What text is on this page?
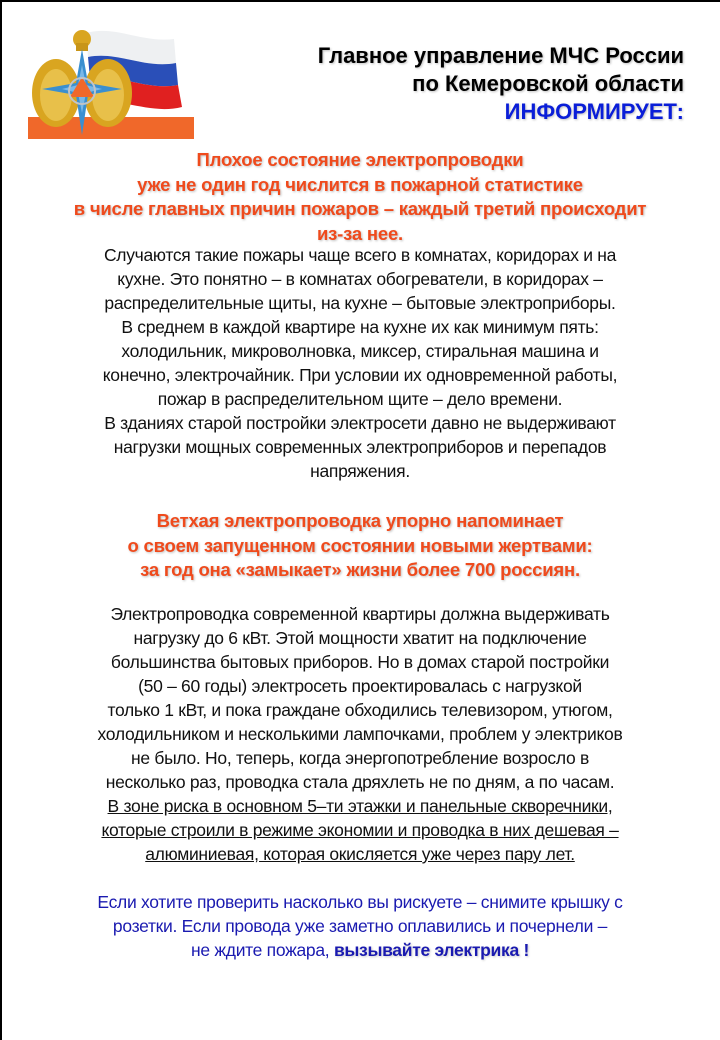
Главное управление МЧС России
по Кемеровской области
ИНФОРМИРУЕТ:
Плохое состояние электропроводки
уже не один год числится в пожарной статистике
в числе главных причин пожаров – каждый третий происходит
из-за нее.
Случаются такие пожары чаще всего в комнатах, коридорах и на
кухне. Это понятно – в комнатах обогреватели, в коридорах –
распределительные щиты, на кухне – бытовые электроприборы.
В среднем в каждой квартире на кухне их как минимум пять:
холодильник, микроволновка, миксер, стиральная машина и
конечно, электрочайник. При условии их одновременной работы,
пожар в распределительном щите – дело времени.
В зданиях старой постройки электросети давно не выдерживают
нагрузки мощных современных электроприборов и перепадов
напряжения.
Ветхая электропроводка упорно напоминает
о своем запущенном состоянии новыми жертвами:
за год она «замыкает» жизни более 700 россиян.
Электропроводка современной квартиры должна выдерживать
нагрузку до 6 кВт. Этой мощности хватит на подключение
большинства бытовых приборов. Но в домах старой постройки
(50 – 60 годы) электросеть проектировалась с нагрузкой
только 1 кВт, и пока граждане обходились телевизором, утюгом,
холодильником и несколькими лампочками, проблем у электриков
не было. Но, теперь, когда энергопотребление возросло в
несколько раз, проводка стала дряхлеть не по дням, а по часам.
В зоне риска в основном 5–ти этажки и панельные скворечники,
которые строили в режиме экономии и проводка в них дешевая –
алюминиевая, которая окисляется уже через пару лет.
Если хотите проверить насколько вы рискуете – снимите крышку с
розетки. Если провода уже заметно оплавились и почернели –
не ждите пожара, вызывайте электрика !
